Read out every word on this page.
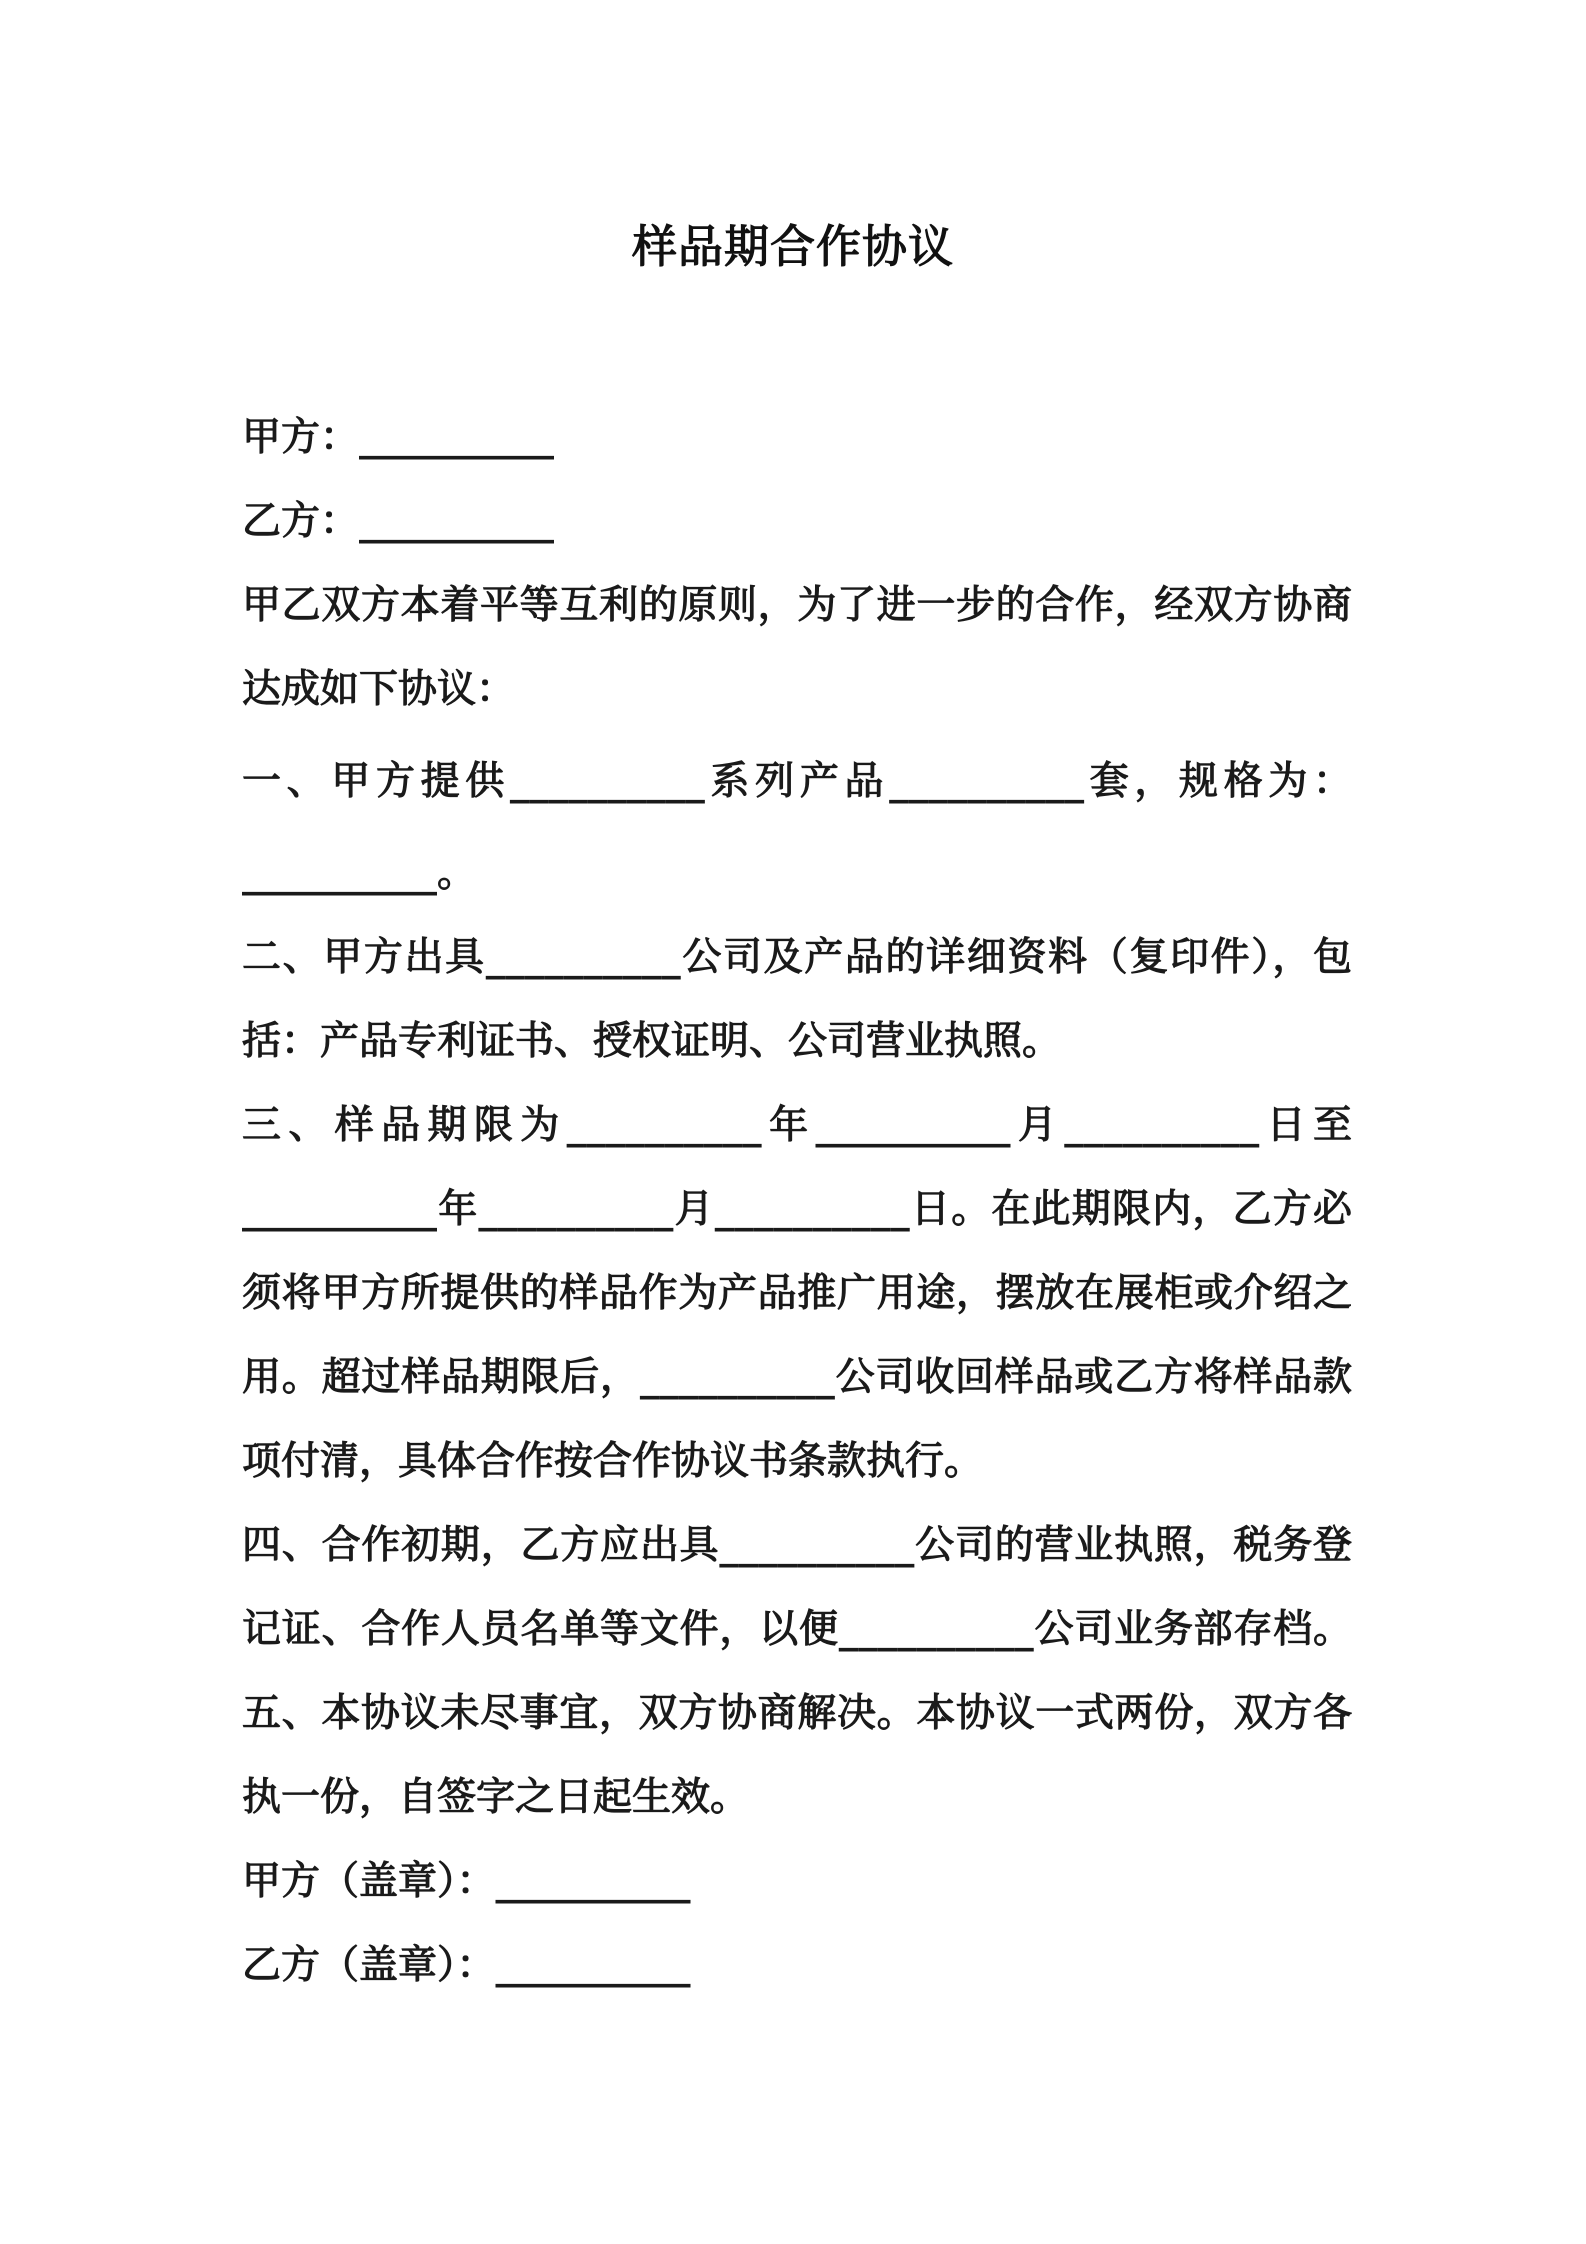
样品期合作协议
甲方：__________
乙方：__________
甲乙双方本着平等互利的原则，为了进一步的合作，经双方协商
达成如下协议：
一、甲方提供__________系列产品__________套，规格为：
__________。
二、甲方出具__________公司及产品的详细资料（复印件），包
括：产品专利证书、授权证明、公司营业执照。
三、样品期限为__________年__________月__________日至
__________年__________月__________日。在此期限内，乙方必
须将甲方所提供的样品作为产品推广用途，摆放在展柜或介绍之
用。超过样品期限后，__________公司收回样品或乙方将样品款
项付清，具体合作按合作协议书条款执行。
四、合作初期，乙方应出具__________公司的营业执照，税务登
记证、合作人员名单等文件，以便__________公司业务部存档。
五、本协议未尽事宜，双方协商解决。本协议一式两份，双方各
执一份，自签字之日起生效。
甲方（盖章）：__________
乙方（盖章）：__________
